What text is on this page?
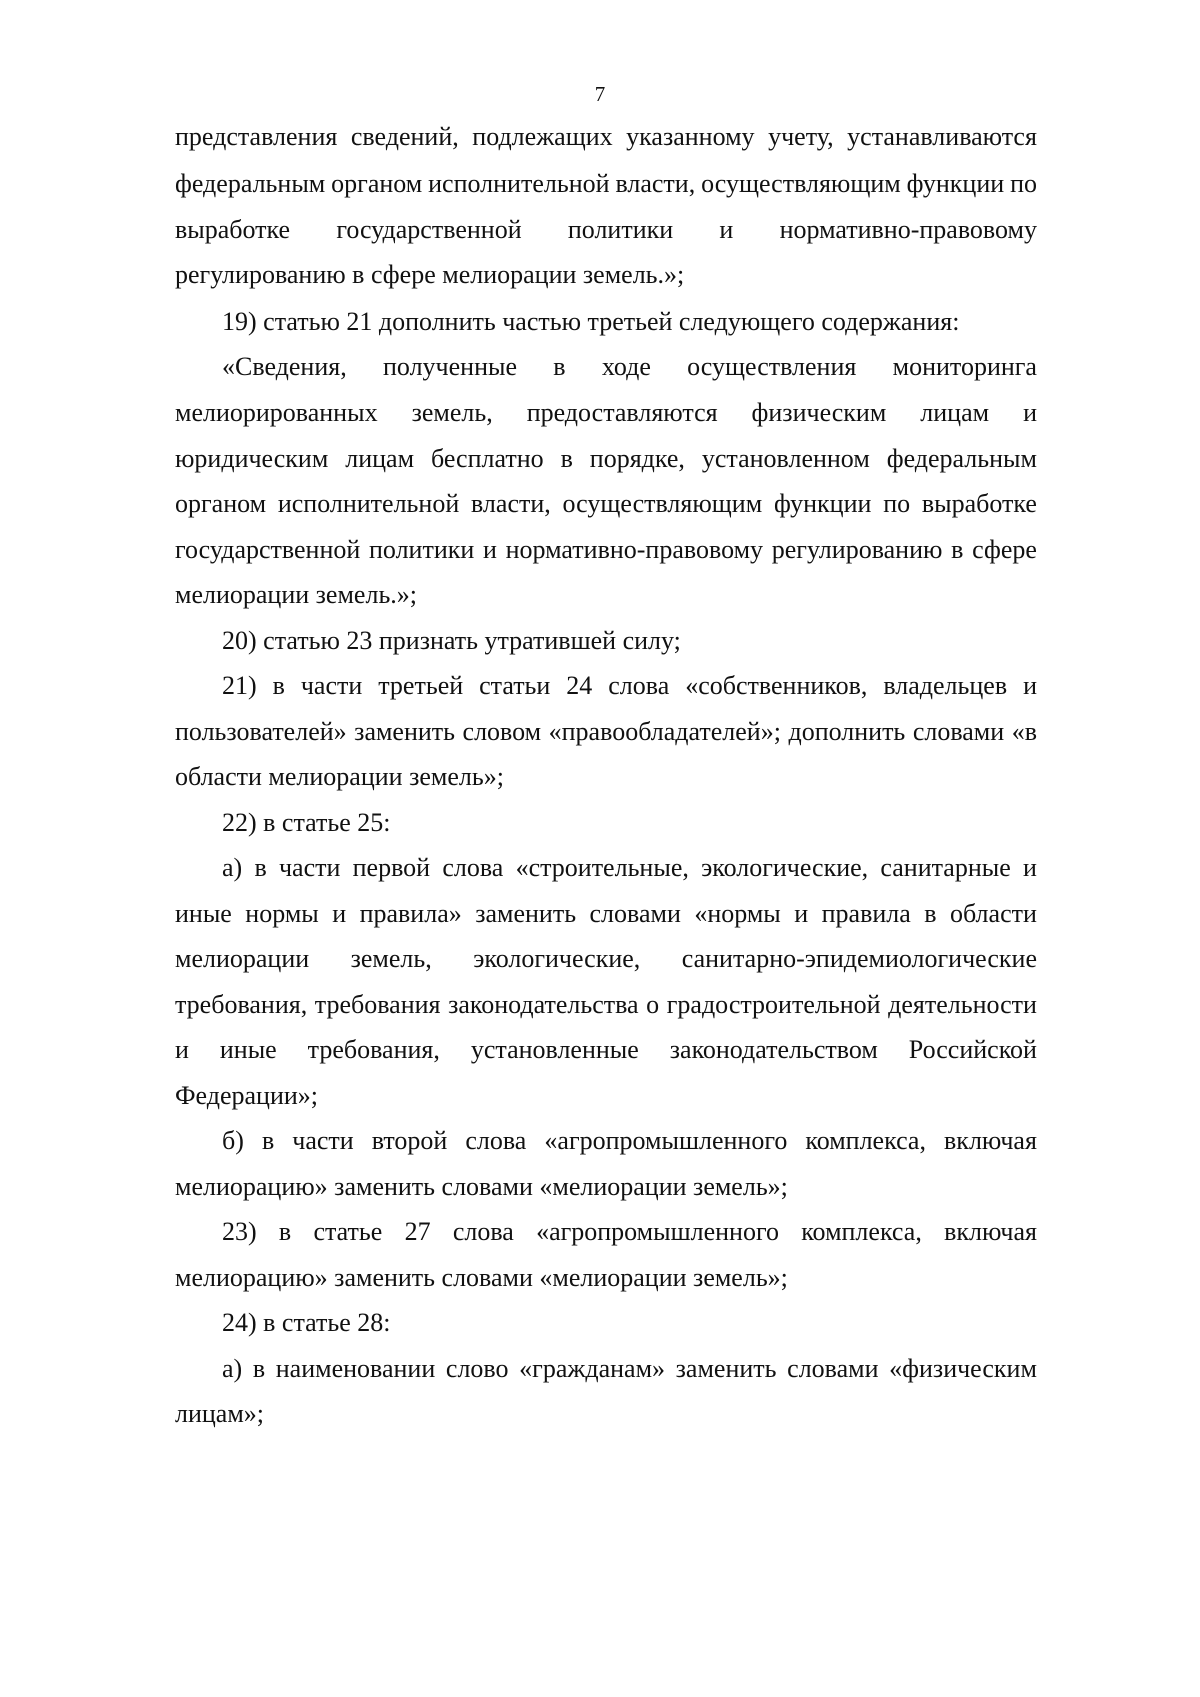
7
представления сведений, подлежащих указанному учету, устанавливаются
федеральным органом исполнительной власти, осуществляющим функции по
выработке государственной политики и нормативно-правовому
регулированию в сфере мелиорации земель.»;
19) статью 21 дополнить частью третьей следующего содержания:
«Сведения, полученные в ходе осуществления мониторинга
мелиорированных земель, предоставляются физическим лицам и
юридическим лицам бесплатно в порядке, установленном федеральным
органом исполнительной власти, осуществляющим функции по выработке
государственной политики и нормативно-правовому регулированию в сфере
мелиорации земель.»;
20) статью 23 признать утратившей силу;
21) в части третьей статьи 24 слова «собственников, владельцев и
пользователей» заменить словом «правообладателей»; дополнить словами «в
области мелиорации земель»;
22) в статье 25:
а) в части первой слова «строительные, экологические, санитарные и
иные нормы и правила» заменить словами «нормы и правила в области
мелиорации земель, экологические, санитарно-эпидемиологические
требования, требования законодательства о градостроительной деятельности
и иные требования, установленные законодательством Российской
Федерации»;
б) в части второй слова «агропромышленного комплекса, включая
мелиорацию» заменить словами «мелиорации земель»;
23) в статье 27 слова «агропромышленного комплекса, включая
мелиорацию» заменить словами «мелиорации земель»;
24) в статье 28:
а) в наименовании слово «гражданам» заменить словами «физическим
лицам»;
